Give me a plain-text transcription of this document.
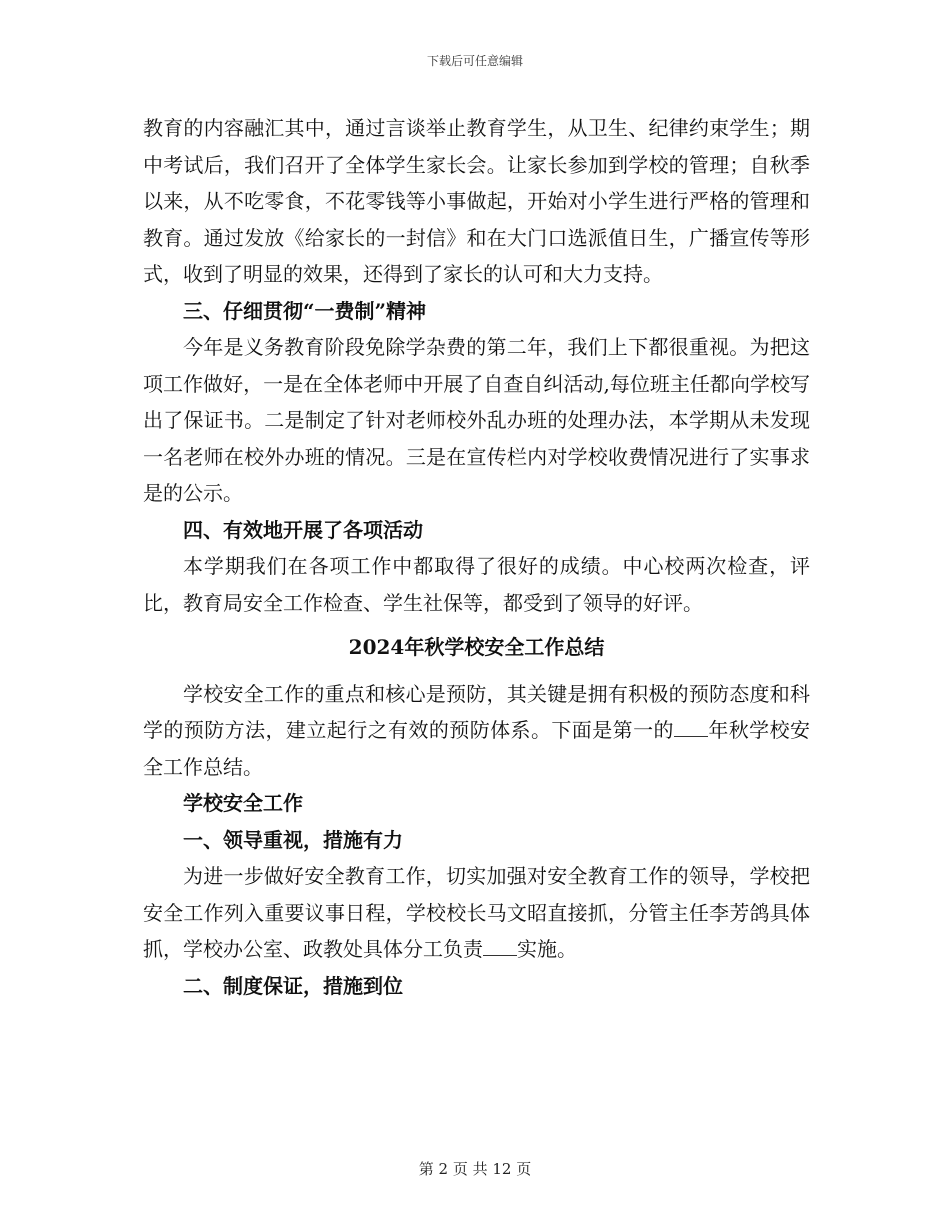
下载后可任意编辑

教育的内容融汇其中，通过言谈举止教育学生，从卫生、纪律约束学生；期中考试后，我们召开了全体学生家长会。让家长参加到学校的管理；自秋季以来，从不吃零食，不花零钱等小事做起，开始对小学生进行严格的管理和教育。通过发放《给家长的一封信》和在大门口选派值日生，广播宣传等形式，收到了明显的效果，还得到了家长的认可和大力支持。

三、仔细贯彻“一费制”精神

今年是义务教育阶段免除学杂费的第二年，我们上下都很重视。为把这项工作做好，一是在全体老师中开展了自查自纠活动,每位班主任都向学校写出了保证书。二是制定了针对老师校外乱办班的处理办法，本学期从未发现一名老师在校外办班的情况。三是在宣传栏内对学校收费情况进行了实事求是的公示。

四、有效地开展了各项活动

本学期我们在各项工作中都取得了很好的成绩。中心校两次检查，评比，教育局安全工作检查、学生社保等，都受到了领导的好评。

2024年秋学校安全工作总结

学校安全工作的重点和核心是预防，其关键是拥有积极的预防态度和科学的预防方法，建立起行之有效的预防体系。下面是第一的 年秋学校安全工作总结。

学校安全工作

一、领导重视，措施有力

为进一步做好安全教育工作，切实加强对安全教育工作的领导，学校把安全工作列入重要议事日程，学校校长马文昭直接抓，分管主任李芳鸽具体抓，学校办公室、政教处具体分工负责 实施。

二、制度保证，措施到位

第 2 页 共 12 页
